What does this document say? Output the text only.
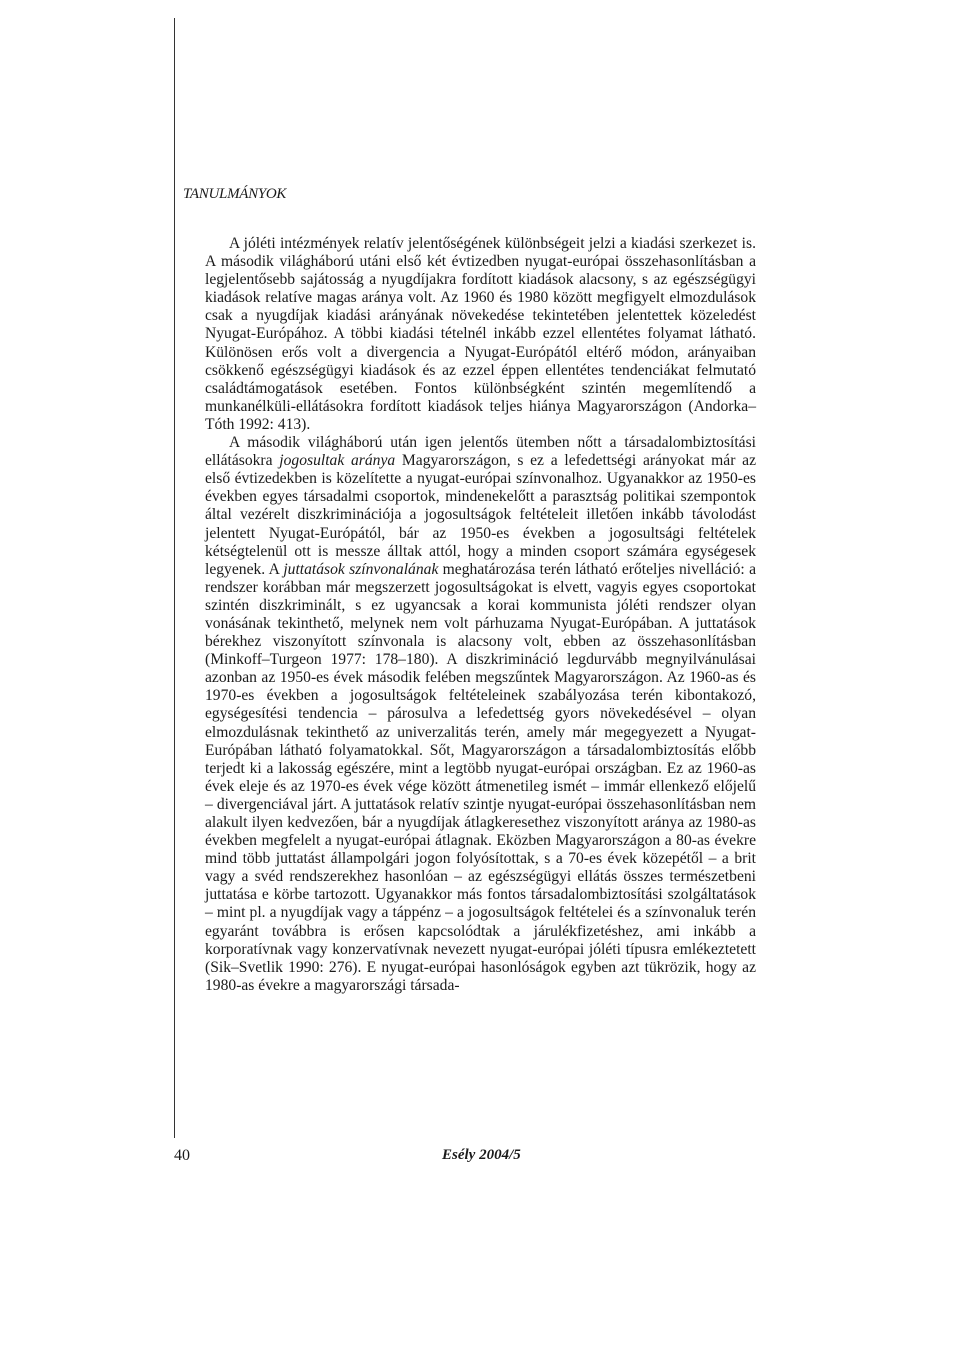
TANULMÁNYOK

A jóléti intézmények relatív jelentőségének különbségeit jelzi a kiadási szerkezet is. A második világháború utáni első két évtizedben nyugat-európai összehasonlításban a legjelentősebb sajátosság a nyugdíjakra fordított kiadások alacsony, s az egészségügyi kiadások relatíve magas aránya volt. Az 1960 és 1980 között megfigyelt elmozdulások csak a nyugdíjak kiadási arányának növekedése tekintetében jelentettek közeledést Nyugat-Európához. A többi kiadási tételnél inkább ezzel ellentétes folyamat látható. Különösen erős volt a divergencia a Nyugat-Európától eltérő módon, arányaiban csökkenő egészségügyi kiadások és az ezzel éppen ellentétes tendenciákat felmutató családtámogatások esetében. Fontos különbségként szintén megemlítendő a munkanélküli-ellátásokra fordított kiadások teljes hiánya Magyarországon (Andorka–Tóth 1992: 413).

A második világháború után igen jelentős ütemben nőtt a társadalombiztosítási ellátásokra jogosultak aránya Magyarországon, s ez a lefedettségi arányokat már az első évtizedekben is közelítette a nyugat-európai színvonalhoz. Ugyanakkor az 1950-es években egyes társadalmi csoportok, mindenekelőtt a parasztság politikai szempontok által vezérelt diszkriminációja a jogosultságok feltételeit illetően inkább távolodást jelentett Nyugat-Európától, bár az 1950-es években a jogosultsági feltételek kétségtelenül ott is messze álltak attól, hogy a minden csoport számára egységesek legyenek. A juttatások színvonalának meghatározása terén látható erőteljes nivelláció: a rendszer korábban már megszerzett jogosultságokat is elvett, vagyis egyes csoportokat szintén diszkriminált, s ez ugyancsak a korai kommunista jóléti rendszer olyan vonásának tekinthető, melynek nem volt párhuzama Nyugat-Európában. A juttatások bérekhez viszonyított színvonala is alacsony volt, ebben az összehasonlításban (Minkoff–Turgeon 1977: 178–180). A diszkrimináció legdurvább megnyilvánulásai azonban az 1950-es évek második felében megszűntek Magyarországon. Az 1960-as és 1970-es években a jogosultságok feltételeinek szabályozása terén kibontakozó, egységesítési tendencia – párosulva a lefedettség gyors növekedésével – olyan elmozdulásnak tekinthető az univerzalitás terén, amely már megegyezett a Nyugat-Európában látható folyamatokkal. Sőt, Magyarországon a társadalombiztosítás előbb terjedt ki a lakosság egészére, mint a legtöbb nyugat-európai országban. Ez az 1960-as évek eleje és az 1970-es évek vége között átmenetileg ismét – immár ellenkező előjelű – divergenciával járt. A juttatások relatív szintje nyugat-európai összehasonlításban nem alakult ilyen kedvezően, bár a nyugdíjak átlagkeresethez viszonyított aránya az 1980-as években megfelelt a nyugat-európai átlagnak. Eközben Magyarországon a 80-as évekre mind több juttatást állampolgári jogon folyósítottak, s a 70-es évek közepétől – a brit vagy a svéd rendszerekhez hasonlóan – az egészségügyi ellátás összes természetbeni juttatása e körbe tartozott. Ugyanakkor más fontos társadalombiztosítási szolgáltatások – mint pl. a nyugdíjak vagy a táppénz – a jogosultságok feltételei és a színvonaluk terén egyaránt továbbra is erősen kapcsolódtak a járulékfizetéshez, ami inkább a korporatívnak vagy konzervatívnak nevezett nyugat-európai jóléti típusra emlékeztetett (Sik–Svetlik 1990: 276). E nyugat-európai hasonlóságok egyben azt tükrözik, hogy az 1980-as évekre a magyarországi társada-

40	Esély 2004/5
